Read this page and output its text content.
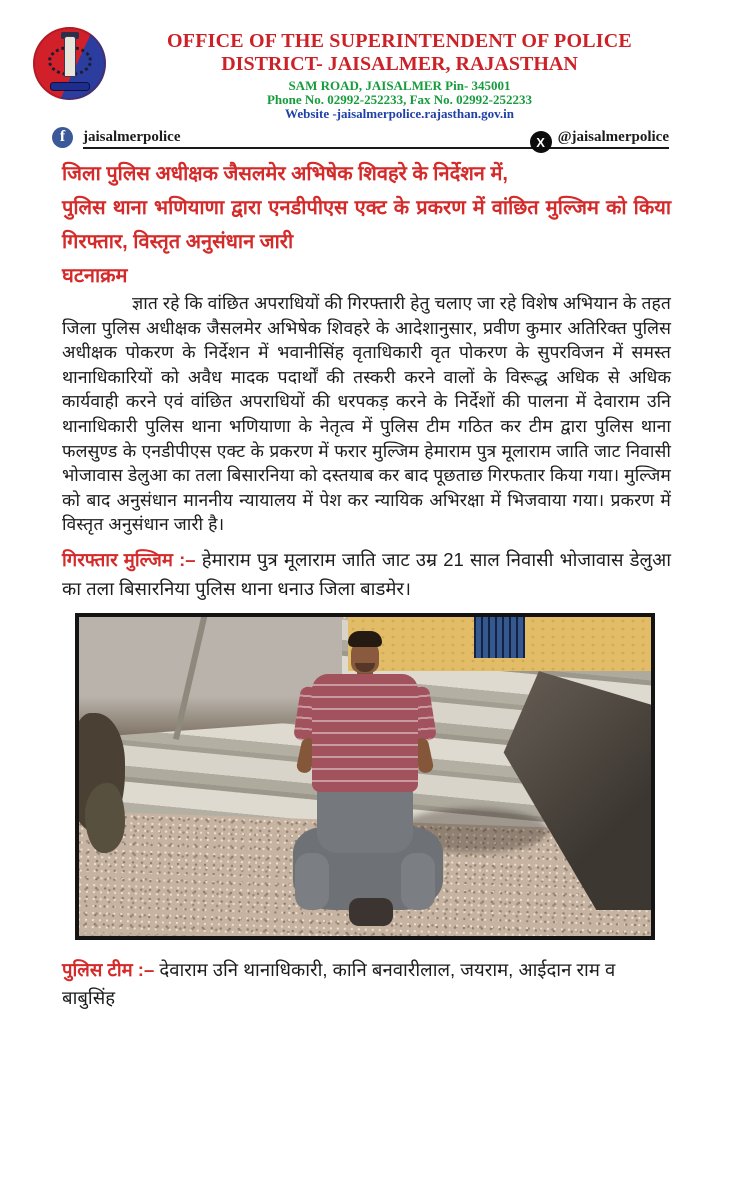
OFFICE OF THE SUPERINTENDENT OF POLICE
DISTRICT- JAISALMER, RAJASTHAN
SAM ROAD, JAISALMER Pin- 345001
Phone No. 02992-252233, Fax No. 02992-252233
Website -jaisalmerpolice.rajasthan.gov.in
f	jaisalmerpolice	X @jaisalmerpolice
जिला पुलिस अधीक्षक जैसलमेर अभिषेक शिवहरे के निर्देशन में,
पुलिस थाना भणियाणा द्वारा एनडीपीएस एक्ट के प्रकरण में वांछित मुल्जिम को किया गिरफ्तार, विस्तृत अनुसंधान जारी
घटनाक्रम
ज्ञात रहे कि वांछित अपराधियों की गिरफ्तारी हेतु चलाए जा रहे विशेष अभियान के तहत जिला पुलिस अधीक्षक जैसलमेर अभिषेक शिवहरे के आदेशानुसार, प्रवीण कुमार अतिरिक्त पुलिस अधीक्षक पोकरण के निर्देशन में भवानीसिंह वृताधिकारी वृत पोकरण के सुपरविजन में समस्त थानाधिकारियों को अवैध मादक पदार्थों की तस्करी करने वालों के विरूद्ध अधिक से अधिक कार्यवाही करने एवं वांछित अपराधियों की धरपकड़ करने के निर्देशों की पालना में देवाराम उनि थानाधिकारी पुलिस थाना भणियाणा के नेतृत्व में पुलिस टीम गठित कर टीम द्वारा पुलिस थाना फलसुण्ड के एनडीपीएस एक्ट के प्रकरण में फरार मुल्जिम हेमाराम पुत्र मूलाराम जाति जाट निवासी भोजावास डेलुआ का तला बिसारनिया को दस्तयाब कर बाद पूछताछ गिरफतार किया गया। मुल्जिम को बाद अनुसंधान माननीय न्यायालय में पेश कर न्यायिक अभिरक्षा में भिजवाया गया। प्रकरण में विस्तृत अनुसंधान जारी है।
गिरफ्तार मुल्जिम :– हेमाराम पुत्र मूलाराम जाति जाट उम्र 21 साल निवासी भोजावास डेलुआ का तला बिसारनिया पुलिस थाना धनाउ जिला बाडमेर।
पुलिस टीम :– देवाराम उनि थानाधिकारी, कानि बनवारीलाल, जयराम, आईदान राम व बाबुसिंह
